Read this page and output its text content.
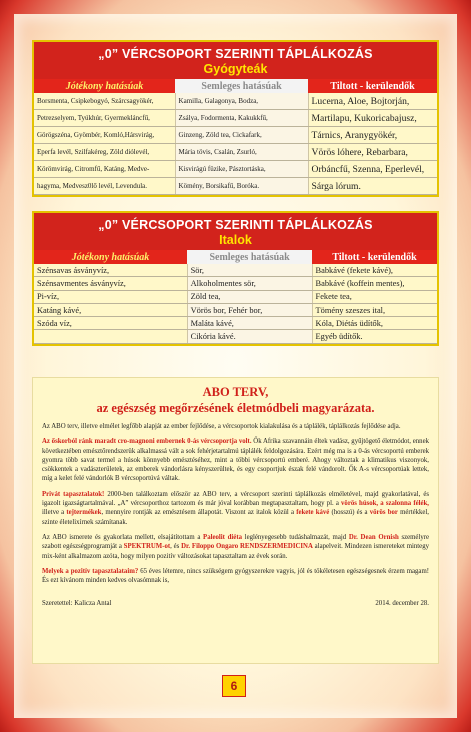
„0” VÉRCSOPORT SZERINTI TÁPLÁLKOZÁS
Gyógyteák
Jótékony hatásúak	Semleges hatásúak	Tiltott - kerülendők
Borsmenta, Csipkebogyó, Szárcsagyökér,	Kamilla, Galagonya, Bodza,	Lucerna, Aloe, Bojtorján,
Petrezselyem, Tyúkhúr, Gyermekláncfű,	Zsálya, Fodormenta, Kakukkfű,	Martilapu, Kukoricabajusz,
Görögszéna, Gyömbér, Komló,Hársvirág,	Ginzeng, Zöld tea, Cickafark,	Tárnics, Aranygyökér,
Eperfa levél, Szilfakéreg, Zöld diólevél,	Mária tövis, Csalán, Zsurló,	Vörös lóhere, Rebarbara,
Körömvirág, Citromfű, Katáng, Medve-	Kisvirágú füzike, Pásztortáska,	Orbáncfű, Szenna, Eperlevél,
hagyma, Medvesz0lő levél, Levendula.	Kömény, Borsikafű, Boróka.	Sárga lórum.
„0” VÉRCSOPORT SZERINTI TÁPLÁLKOZÁS
Italok
Jótékony hatásúak	Semleges hatásúak	Tiltott - kerülendők
Szénsavas ásványvíz,	Sör,	Babkávé (fekete kávé),
Szénsavmentes ásványvíz,	Alkoholmentes sör,	Babkávé (koffein mentes),
Pi-víz,	Zöld tea,	Fekete tea,
Katáng kávé,	Vörös bor, Fehér bor,	Tömény szeszes ital,
Szóda víz,	Maláta kávé,	Kóla, Diétás üdítők,
	Cikória kávé.	Egyéb üdítők.
ABO TERV,
az egészség megőrzésének életmódbeli magyarázata.

Az ABO terv, illetve elmélet legfőbb alapját az ember fejlődése, a vércsoportok kialakulása és a táplálék, táplálkozás fejlődése adja.

Az őskorból ránk maradt cro-magnoni embernek 0-ás vércsoportja volt. Ők Afrika szavannáin éltek vadász, gyűjtögető életmódot, ennek következtében emésztőrendszerük alkalmassá vált a sok fehérjetartalmú táplálék feldolgozására. Ezért még ma is a 0-ás vércsoportú emberek gyomra több savat termel a húsok könnyebb emésztéséhez, mint a többi vércsoportú emberé. Ahogy változtak a klimatikus viszonyok, csökkentek a vadászterületek, az emberek vándorlásra kényszerültek, és egy csoportjuk észak felé vándorolt. Ők A-s vércsoportúak lettek, míg a kelet felé vándorlók B vércsoportúvá váltak.

Privát tapasztalatok! 2000-ben találkoztam először az ABO terv, a vércsoport szerinti táplálkozás elméletével, majd gyakorlatával, és igazolt igazságtartalmával. „A” vércsoporthoz tartozom és már jóval korábban megtapasztaltam, hogy pl. a vörös húsok, a szalonna félék, illetve a tejtermékek, mennyire rontják az emésztésem állapotát. Viszont az italok közül a fekete kávé (hosszú) és a vörös bor mértékkel, szinte életelixírnek számítanak.

Az ABO ismerete és gyakorlata mellett, elsajátítottam a Paleolit diéta leglényegesebb tudáshalmazát, majd Dr. Dean Ornish személyre szabott egészségprogramját a SPEKTRUM-ot, és Dr. Filoppo Ongaro RENDSZERMEDICINA alapelveit. Mindezen ismereteket mintegy mix-ként alkalmazom azóta, hogy milyen pozitív változásokat tapasztaltam az évek során.

Melyek a pozitív tapasztalataim? 65 éves létemre, nincs szükségem gyógyszerekre vagyis, jól és tökéletesen egészségesnek érzem magam! És ezt kívánom minden kedves olvasómnak is,

Szeretettel: Kalicza Antal	2014. december 28.
6
